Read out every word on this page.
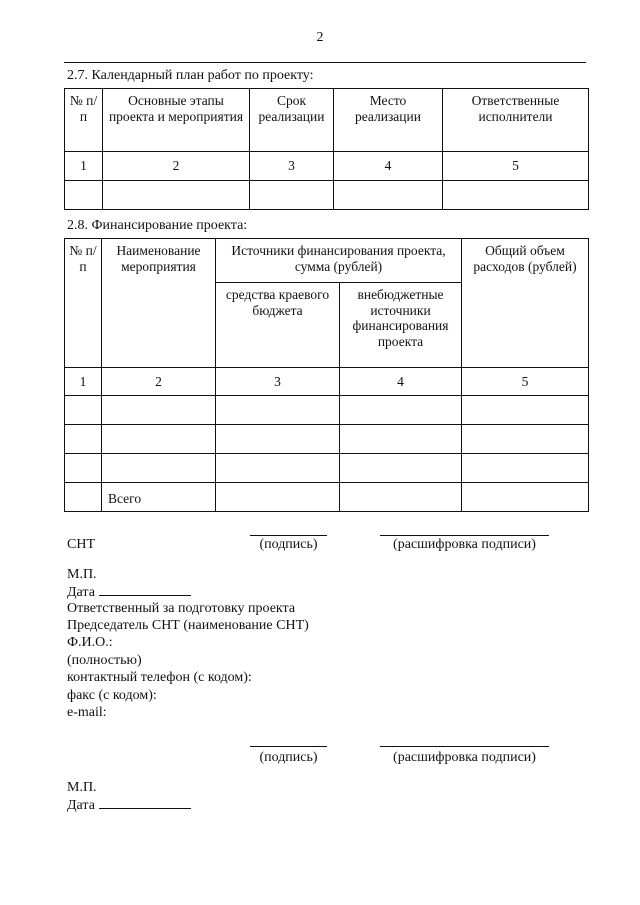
2
2.7. Календарный план работ по проекту:
№ п/п	Основные этапы проекта и мероприятия	Срок реализации	Место реализации	Ответственные исполнители
1	2	3	4	5

2.8. Финансирование проекта:
№ п/п	Наименование мероприятия	Источники финансирования проекта, сумма (рублей)		Общий объем расходов (рублей)
		средства краевого бюджета	внебюджетные источники финансирования проекта	
1	2	3	4	5

	Всего			
СНТ	(подпись)	(расшифровка подписи)
М.П.
Дата
Ответственный за подготовку проекта
Председатель СНТ (наименование СНТ)
Ф.И.О.:
(полностью)
контактный телефон (с кодом):
факс (с кодом):
e-mail:
(подпись)	(расшифровка подписи)
М.П.
Дата
